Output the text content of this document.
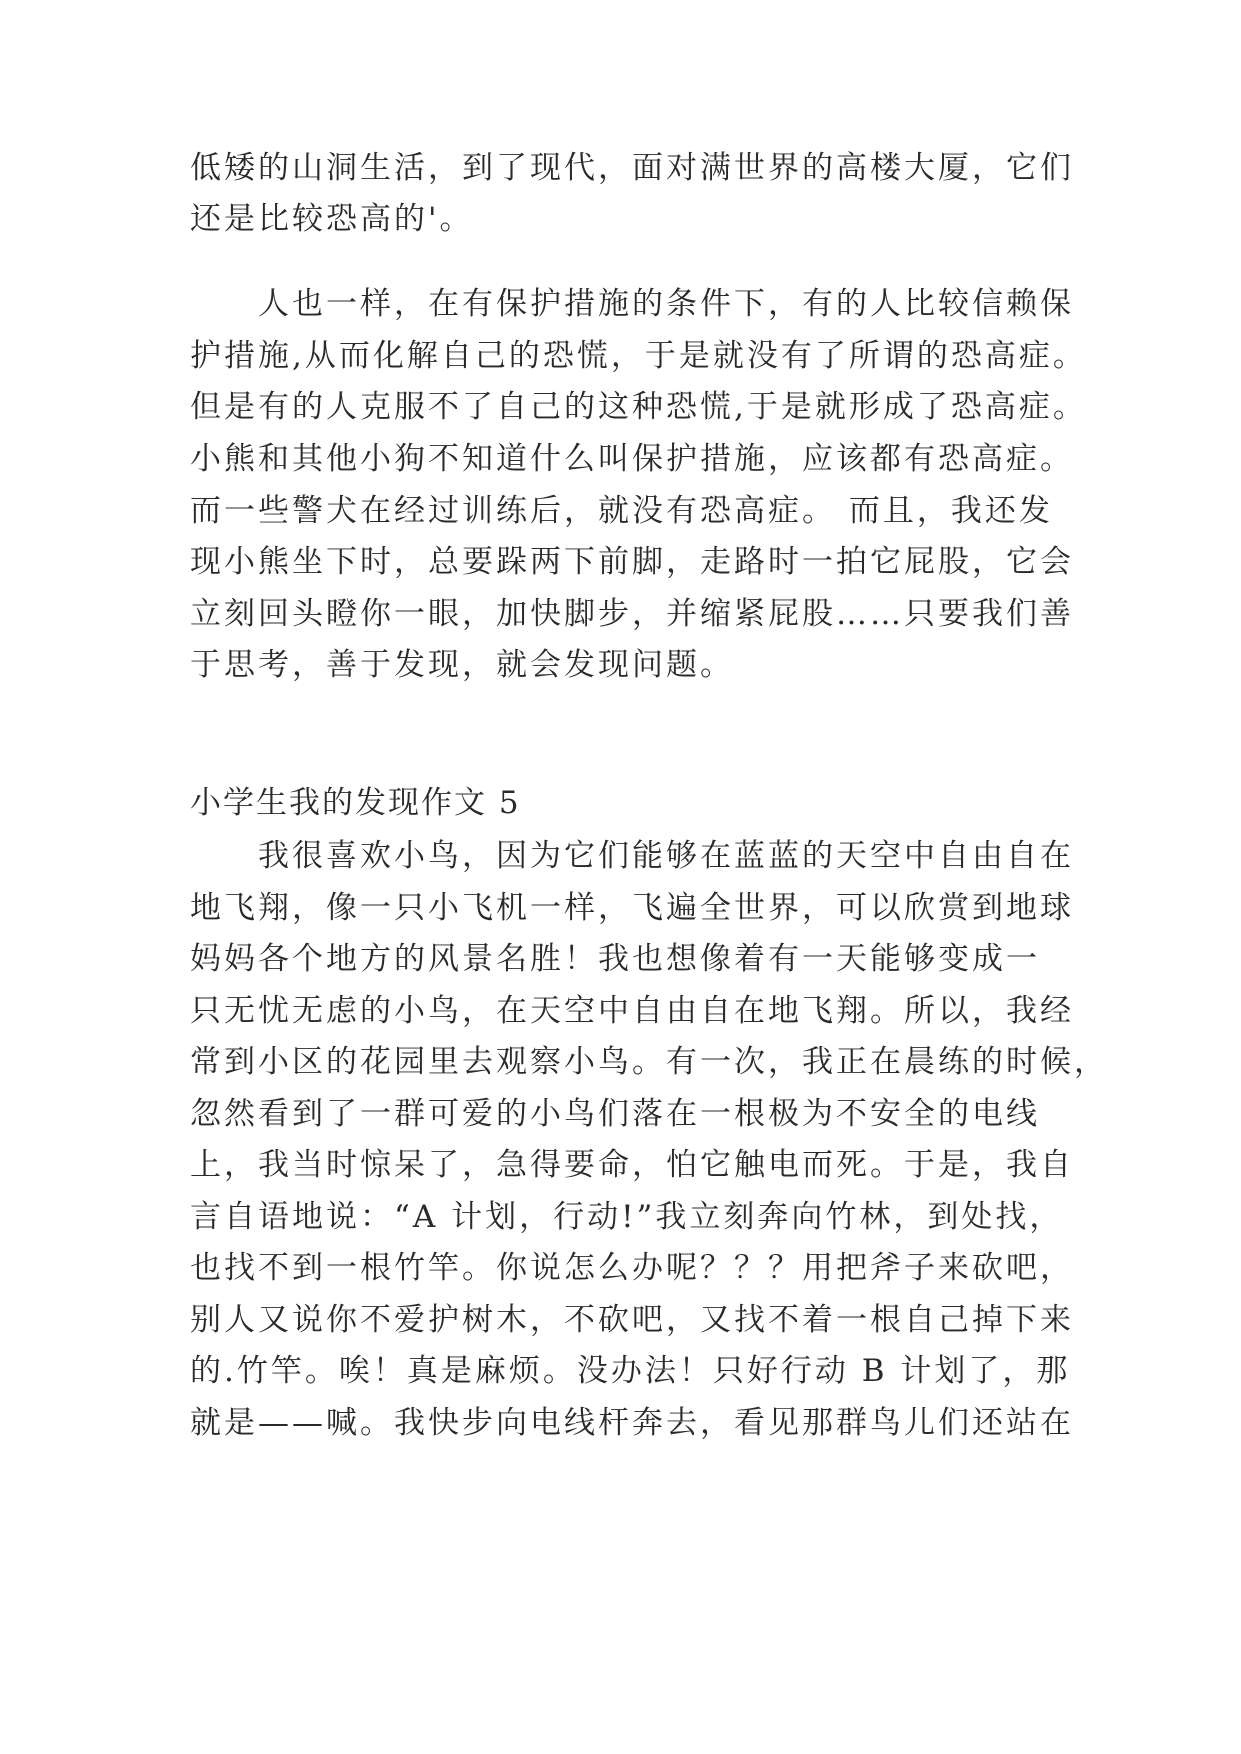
低矮的山洞生活，到了现代，面对满世界的高楼大厦，它们
还是比较恐高的'。
　　人也一样，在有保护措施的条件下，有的人比较信赖保
护措施,从而化解自己的恐慌，于是就没有了所谓的恐高症。
但是有的人克服不了自己的这种恐慌,于是就形成了恐高症。
小熊和其他小狗不知道什么叫保护措施，应该都有恐高症。
而一些警犬在经过训练后，就没有恐高症。 而且，我还发
现小熊坐下时，总要跺两下前脚，走路时一拍它屁股，它会
立刻回头瞪你一眼，加快脚步，并缩紧屁股……只要我们善
于思考，善于发现，就会发现问题。
小学生我的发现作文 5
　　我很喜欢小鸟，因为它们能够在蓝蓝的天空中自由自在
地飞翔，像一只小飞机一样，飞遍全世界，可以欣赏到地球
妈妈各个地方的风景名胜！我也想像着有一天能够变成一
只无忧无虑的小鸟，在天空中自由自在地飞翔。所以，我经
常到小区的花园里去观察小鸟。有一次，我正在晨练的时候，
忽然看到了一群可爱的小鸟们落在一根极为不安全的电线
上，我当时惊呆了，急得要命，怕它触电而死。于是，我自
言自语地说：“A 计划，行动!”我立刻奔向竹林，到处找，
也找不到一根竹竿。你说怎么办呢？？？用把斧子来砍吧，
别人又说你不爱护树木，不砍吧，又找不着一根自己掉下来
的.竹竿。唉！真是麻烦。没办法！只好行动 B 计划了，那
就是——喊。我快步向电线杆奔去，看见那群鸟儿们还站在
